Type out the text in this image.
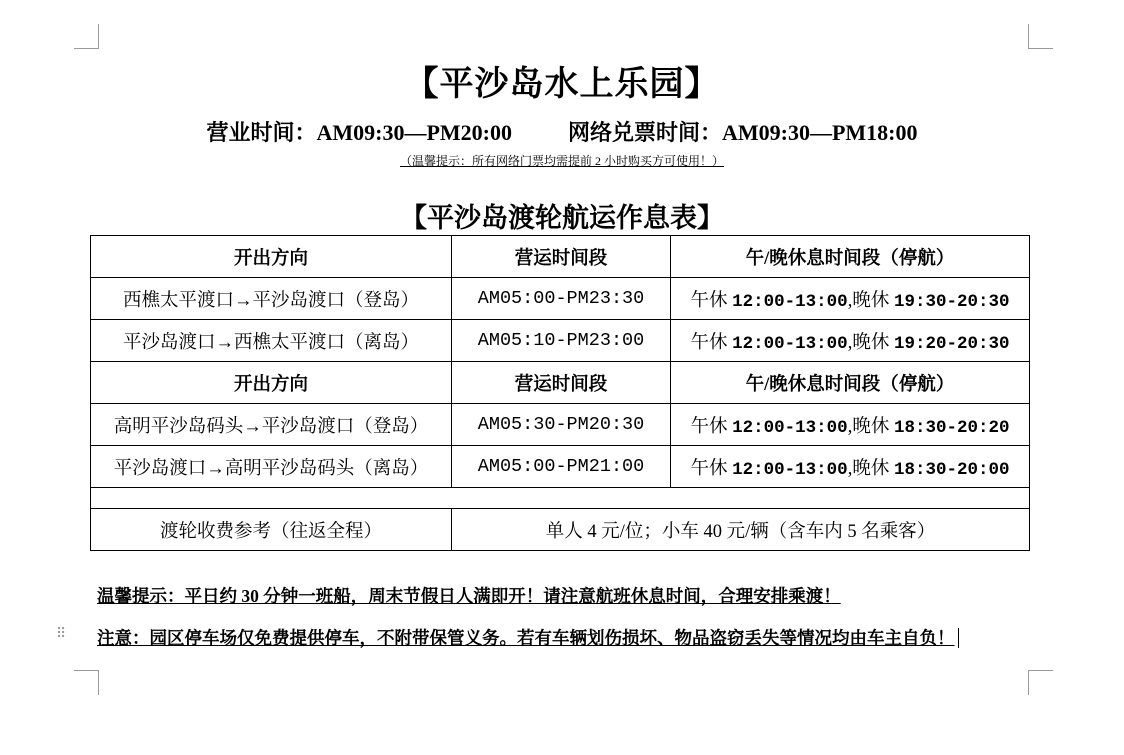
【平沙岛水上乐园】
营业时间：AM09:30—PM20:00	网络兑票时间：AM09:30—PM18:00
（温馨提示：所有网络门票均需提前 2 小时购买方可使用！）
【平沙岛渡轮航运作息表】
开出方向	营运时间段	午/晚休息时间段（停航）
西樵太平渡口→平沙岛渡口（登岛）	AM05:00-PM23:30	午休 12:00-13:00,晚休 19:30-20:30
平沙岛渡口→西樵太平渡口（离岛）	AM05:10-PM23:00	午休 12:00-13:00,晚休 19:20-20:30
开出方向	营运时间段	午/晚休息时间段（停航）
高明平沙岛码头→平沙岛渡口（登岛）	AM05:30-PM20:30	午休 12:00-13:00,晚休 18:30-20:20
平沙岛渡口→高明平沙岛码头（离岛）	AM05:00-PM21:00	午休 12:00-13:00,晚休 18:30-20:00

渡轮收费参考（往返全程）	单人 4 元/位；小车 40 元/辆（含车内 5 名乘客）	
温馨提示：平日约 30 分钟一班船，周末节假日人满即开！请注意航班休息时间，合理安排乘渡！
⠿ 注意：园区停车场仅免费提供停车，不附带保管义务。若有车辆划伤损坏、物品盗窃丢失等情况均由车主自负！
